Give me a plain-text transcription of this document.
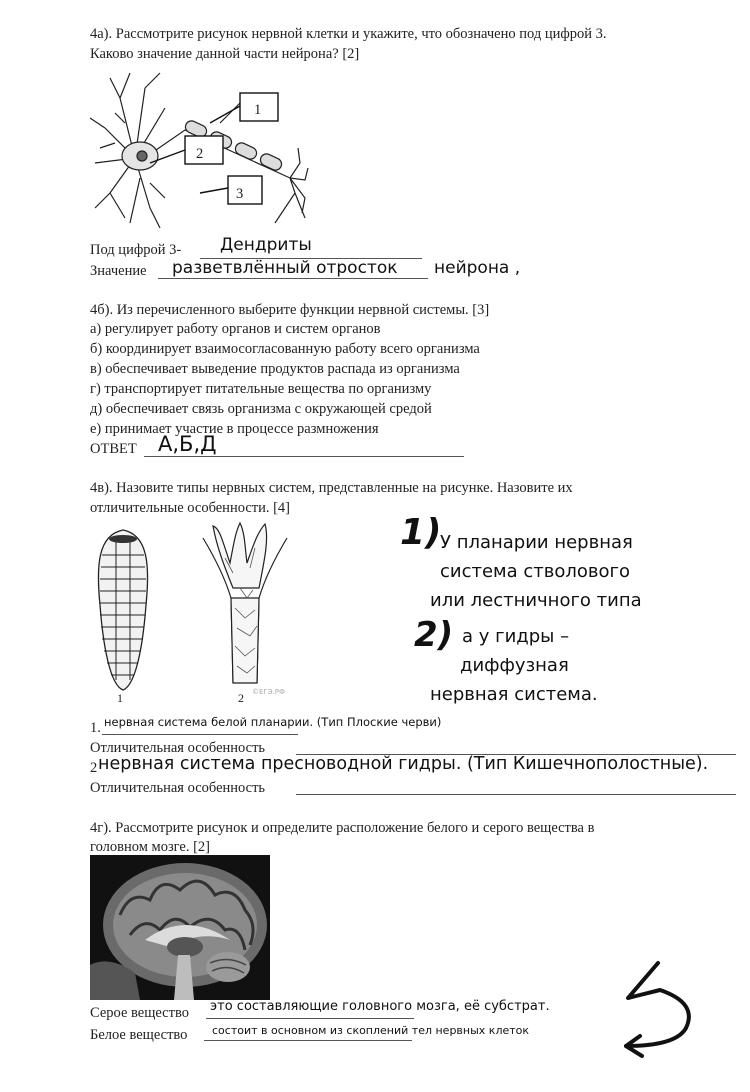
4а). Рассмотрите рисунок нервной клетки и укажите, что обозначено под цифрой 3.
Каково значение данной части нейрона? [2]
1
2
3
Под цифрой 3- Дендриты
Значение разветвлённый отросток нейрона ,
4б). Из перечисленного выберите функции нервной системы. [3]
а) регулирует работу органов и систем органов
б) координирует взаимосогласованную работу всего организма
в) обеспечивает выведение продуктов распада из организма
г) транспортирует питательные вещества по организму
д) обеспечивает связь организма с окружающей средой
е) принимает участие в процессе размножения
ОТВЕТ А,Б,Д
4в). Назовите типы нервных систем, представленные на рисунке. Назовите их
отличительные особенности. [4]
1	2 ©ЕГЭ.РФ
1)
У планарии нервная
система стволового
или лестничного типа
2) а у гидры –
диффузная
нервная система.
1. нервная система белой планарии. (Тип Плоские черви)
Отличительная особенность
2 нервная система пресноводной гидры. (Тип Кишечнополостные).
Отличительная особенность
4г). Рассмотрите рисунок и определите расположение белого и серого вещества в
головном мозге. [2]
Серое вещество это составляющие головного мозга, её субстрат.
Белое вещество состоит в основном из скоплений тел нервных клеток
